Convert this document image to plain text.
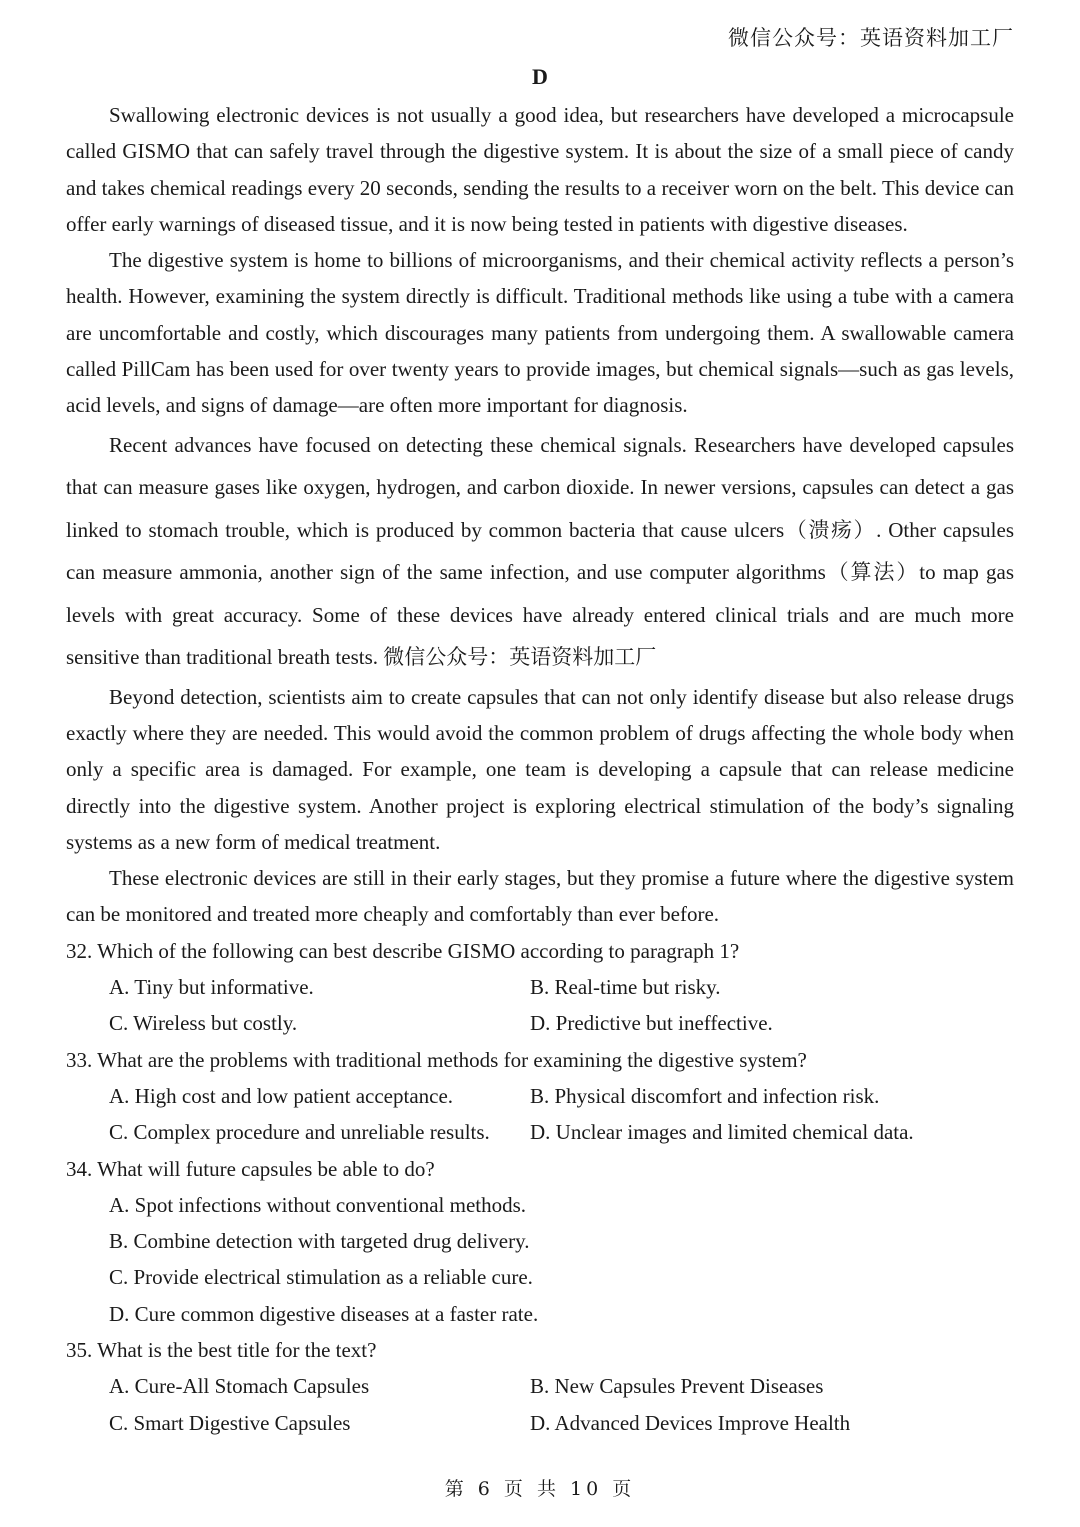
微信公众号：英语资料加工厂
D

Swallowing electronic devices is not usually a good idea, but researchers have developed a microcapsule called GISMO that can safely travel through the digestive system. It is about the size of a small piece of candy and takes chemical readings every 20 seconds, sending the results to a receiver worn on the belt. This device can offer early warnings of diseased tissue, and it is now being tested in patients with digestive diseases.

The digestive system is home to billions of microorganisms, and their chemical activity reflects a person’s health. However, examining the system directly is difficult. Traditional methods like using a tube with a camera are uncomfortable and costly, which discourages many patients from undergoing them. A swallowable camera called PillCam has been used for over twenty years to provide images, but chemical signals—such as gas levels, acid levels, and signs of damage—are often more important for diagnosis.

Recent advances have focused on detecting these chemical signals. Researchers have developed capsules that can measure gases like oxygen, hydrogen, and carbon dioxide. In newer versions, capsules can detect a gas linked to stomach trouble, which is produced by common bacteria that cause ulcers（溃疡）. Other capsules can measure ammonia, another sign of the same infection, and use computer algorithms（算法）to map gas levels with great accuracy. Some of these devices have already entered clinical trials and are much more sensitive than traditional breath tests. 微信公众号：英语资料加工厂

Beyond detection, scientists aim to create capsules that can not only identify disease but also release drugs exactly where they are needed. This would avoid the common problem of drugs affecting the whole body when only a specific area is damaged. For example, one team is developing a capsule that can release medicine directly into the digestive system. Another project is exploring electrical stimulation of the body’s signaling systems as a new form of medical treatment.

These electronic devices are still in their early stages, but they promise a future where the digestive system can be monitored and treated more cheaply and comfortably than ever before.

32. Which of the following can best describe GISMO according to paragraph 1?
A. Tiny but informative.	B. Real-time but risky.
C. Wireless but costly.	D. Predictive but ineffective.
33. What are the problems with traditional methods for examining the digestive system?
A. High cost and low patient acceptance.	B. Physical discomfort and infection risk.
C. Complex procedure and unreliable results.	D. Unclear images and limited chemical data.
34. What will future capsules be able to do?
A. Spot infections without conventional methods.
B. Combine detection with targeted drug delivery.
C. Provide electrical stimulation as a reliable cure.
D. Cure common digestive diseases at a faster rate.
35. What is the best title for the text?
A. Cure-All Stomach Capsules	B. New Capsules Prevent Diseases
C. Smart Digestive Capsules	D. Advanced Devices Improve Health
第 6 页 共 10 页
